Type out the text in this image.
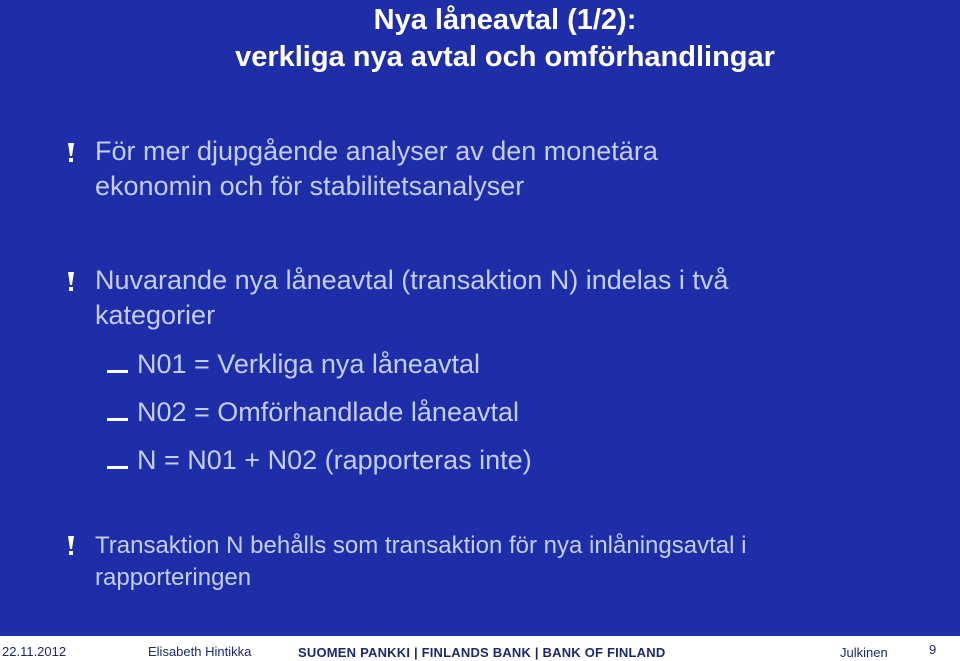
Nya låneavtal (1/2):
verkliga nya avtal och omförhandlingar
För mer djupgående analyser av den monetära
ekonomin och för stabilitetsanalyser
Nuvarande nya låneavtal (transaktion N) indelas i två
kategorier
N01 = Verkliga nya låneavtal
N02 = Omförhandlade låneavtal
N = N01 + N02 (rapporteras inte)
Transaktion N behålls som transaktion för nya inlåningsavtal i
rapporteringen
22.11.2012	Elisabeth Hintikka	SUOMEN PANKKI | FINLANDS BANK | BANK OF FINLAND	Julkinen	9
